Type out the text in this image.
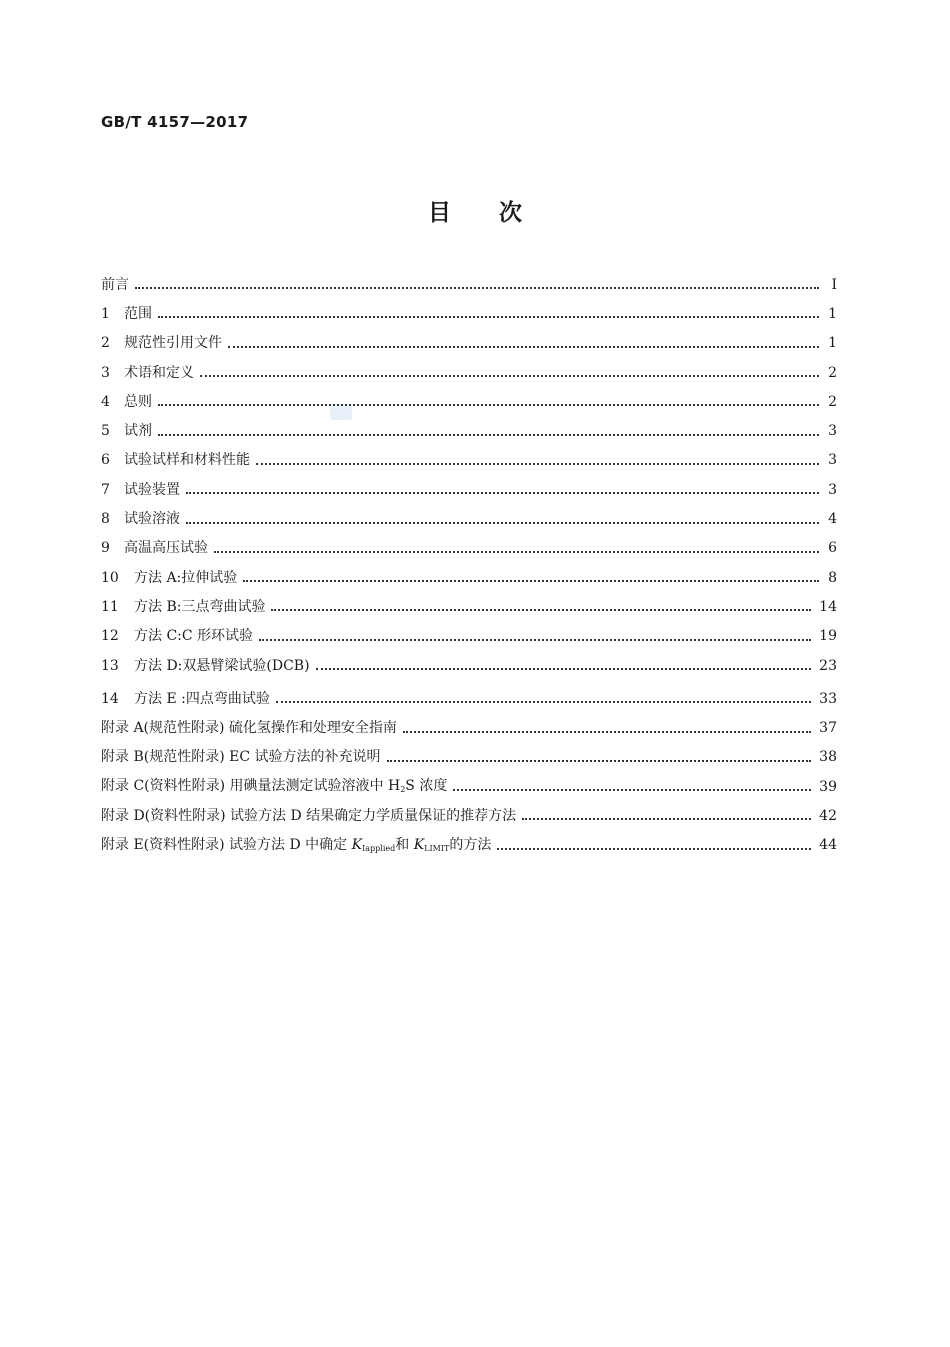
GB/T 4157—2017
目次
前言	Ⅰ
1 范围	1
2 规范性引用文件	1
3 术语和定义	2
4 总则	2
5 试剂	3
6 试验试样和材料性能	3
7 试验装置	3
8 试验溶液	4
9 高温高压试验	6
10 方法 A:拉伸试验	8
11 方法 B:三点弯曲试验	14
12 方法 C:C 形环试验	19
13 方法 D:双悬臂梁试验(DCB)	23
14 方法 E :四点弯曲试验	33
附录 A(规范性附录) 硫化氢操作和处理安全指南	37
附录 B(规范性附录) EC 试验方法的补充说明	38
附录 C(资料性附录) 用碘量法测定试验溶液中 $H_2S$ 浓度	39
附录 D(资料性附录) 试验方法 D 结果确定力学质量保证的推荐方法	42
附录 E(资料性附录) 试验方法 D 中确定 $K_{Iapplied}$和 $K_{LIMIT}$的方法	44
